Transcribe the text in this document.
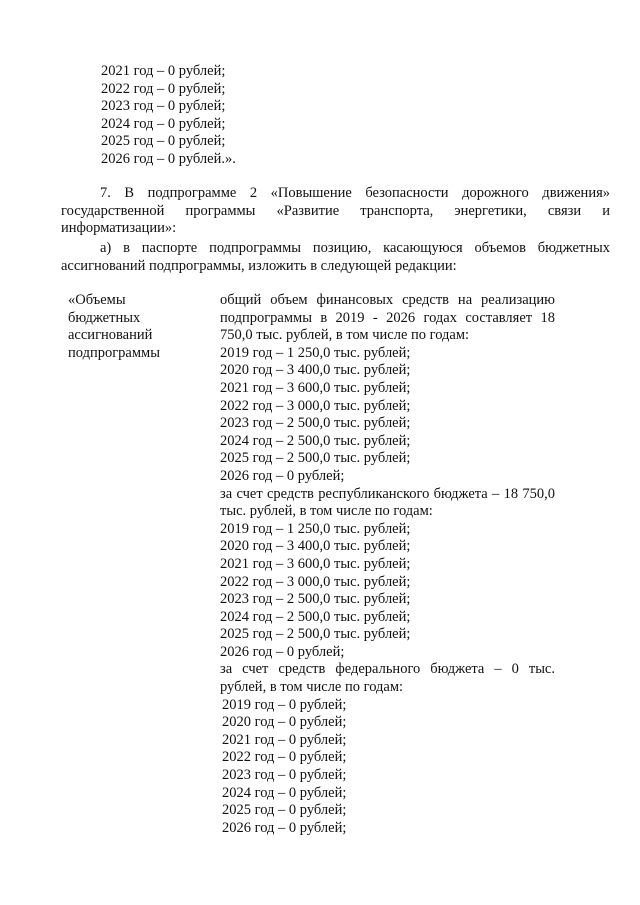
2021 год – 0 рублей;
2022 год – 0 рублей;
2023 год – 0 рублей;
2024 год – 0 рублей;
2025 год – 0 рублей;
2026 год – 0 рублей.».

7. В подпрограмме 2 «Повышение безопасности дорожного движения» государственной программы «Развитие транспорта, энергетики, связи и информатизации»:

а) в паспорте подпрограммы позицию, касающуюся объемов бюджетных ассигнований подпрограммы, изложить в следующей редакции:

«Объемы
бюджетных
ассигнований
подпрограммы
общий объем финансовых средств на реализацию подпрограммы в 2019 - 2026 годах составляет 18 750,0 тыс. рублей, в том числе по годам:
2019 год – 1 250,0 тыс. рублей;
2020 год – 3 400,0 тыс. рублей;
2021 год – 3 600,0 тыс. рублей;
2022 год – 3 000,0 тыс. рублей;
2023 год – 2 500,0 тыс. рублей;
2024 год – 2 500,0 тыс. рублей;
2025 год – 2 500,0 тыс. рублей;
2026 год – 0 рублей;
за счет средств республиканского бюджета – 18 750,0 тыс. рублей, в том числе по годам:
2019 год – 1 250,0 тыс. рублей;
2020 год – 3 400,0 тыс. рублей;
2021 год – 3 600,0 тыс. рублей;
2022 год – 3 000,0 тыс. рублей;
2023 год – 2 500,0 тыс. рублей;
2024 год – 2 500,0 тыс. рублей;
2025 год – 2 500,0 тыс. рублей;
2026 год – 0 рублей;
за счет средств федерального бюджета – 0 тыс. рублей, в том числе по годам:
2019 год – 0 рублей;
2020 год – 0 рублей;
2021 год – 0 рублей;
2022 год – 0 рублей;
2023 год – 0 рублей;
2024 год – 0 рублей;
2025 год – 0 рублей;
2026 год – 0 рублей;
